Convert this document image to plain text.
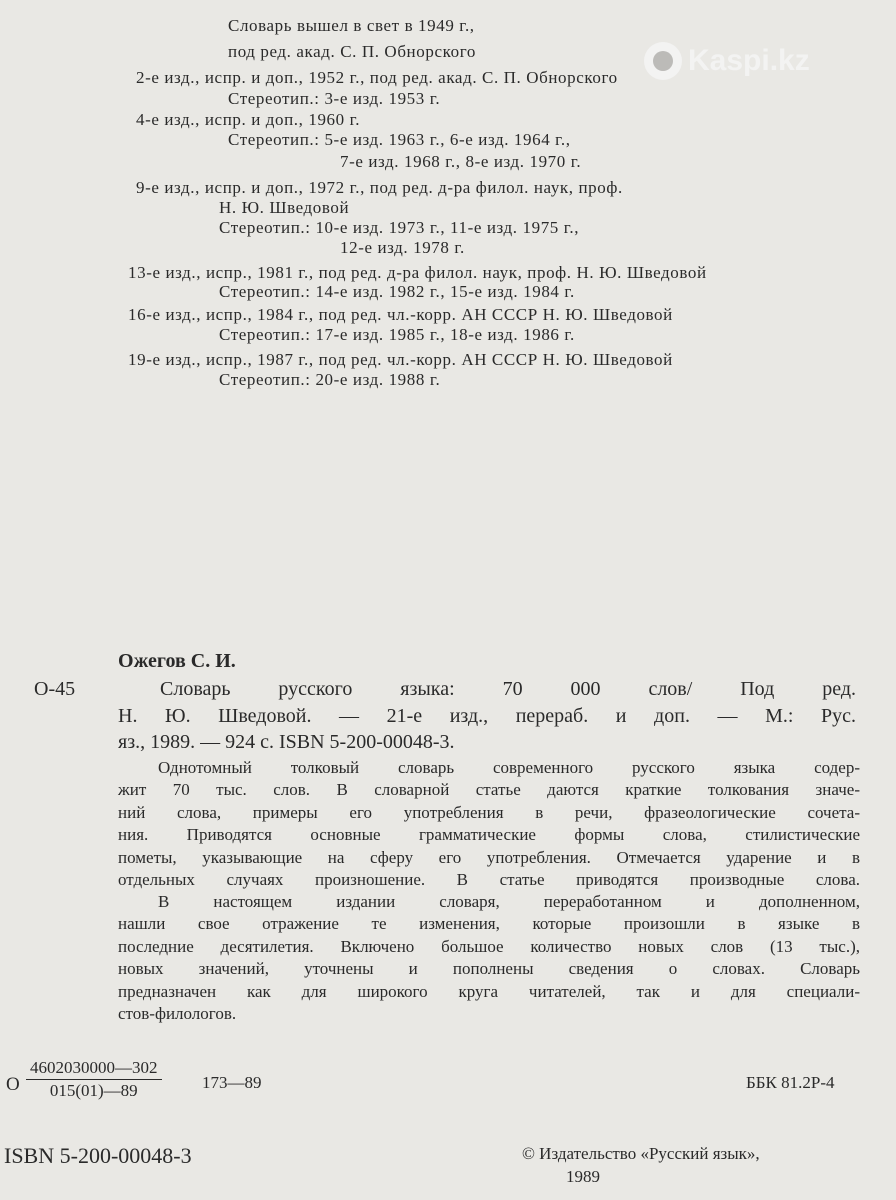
Словарь вышел в свет в 1949 г.,
под ред. акад. С. П. Обнорского
2-е изд., испр. и доп., 1952 г., под ред. акад. С. П. Обнорского
Стереотип.: 3-е изд. 1953 г.
4-е изд., испр. и доп., 1960 г.
Стереотип.: 5-е изд. 1963 г., 6-е изд. 1964 г.,
7-е изд. 1968 г., 8-е изд. 1970 г.
9-е изд., испр. и доп., 1972 г., под ред. д-ра филол. наук, проф.
Н. Ю. Шведовой
Стереотип.: 10-е изд. 1973 г., 11-е изд. 1975 г.,
12-е изд. 1978 г.
13-е изд., испр., 1981 г., под ред. д-ра филол. наук, проф. Н. Ю. Шведовой
Стереотип.: 14-е изд. 1982 г., 15-е изд. 1984 г.
16-е изд., испр., 1984 г., под ред. чл.-корр. АН СССР Н. Ю. Шведовой
Стереотип.: 17-е изд. 1985 г., 18-е изд. 1986 г.
19-е изд., испр., 1987 г., под ред. чл.-корр. АН СССР Н. Ю. Шведовой
Стереотип.: 20-е изд. 1988 г.
Kaspi.kz
Ожегов С. И.
О-45	Словарь русского языка: 70 000 слов/ Под ред.
Н. Ю. Шведовой. — 21-е изд., перераб. и доп. — М.: Рус.
яз., 1989. — 924 с. ISBN 5-200-00048-3.
Однотомный толковый словарь современного русского языка содер-
жит 70 тыс. слов. В словарной статье даются краткие толкования значе-
ний слова, примеры его употребления в речи, фразеологические сочета-
ния. Приводятся основные грамматические формы слова, стилистические
пометы, указывающие на сферу его употребления. Отмечается ударение и в
отдельных случаях произношение. В статье приводятся производные слова.
В настоящем издании словаря, переработанном и дополненном,
нашли свое отражение те изменения, которые произошли в языке в
последние десятилетия. Включено большое количество новых слов (13 тыс.),
новых значений, уточнены и пополнены сведения о словах. Словарь
предназначен как для широкого круга читателей, так и для специали-
стов-филологов.
О $\frac{4602030000—302}{015(01)—89}$ 173—89	ББК 81.2Р-4
ISBN 5-200-00048-3	© Издательство «Русский язык»,
1989
